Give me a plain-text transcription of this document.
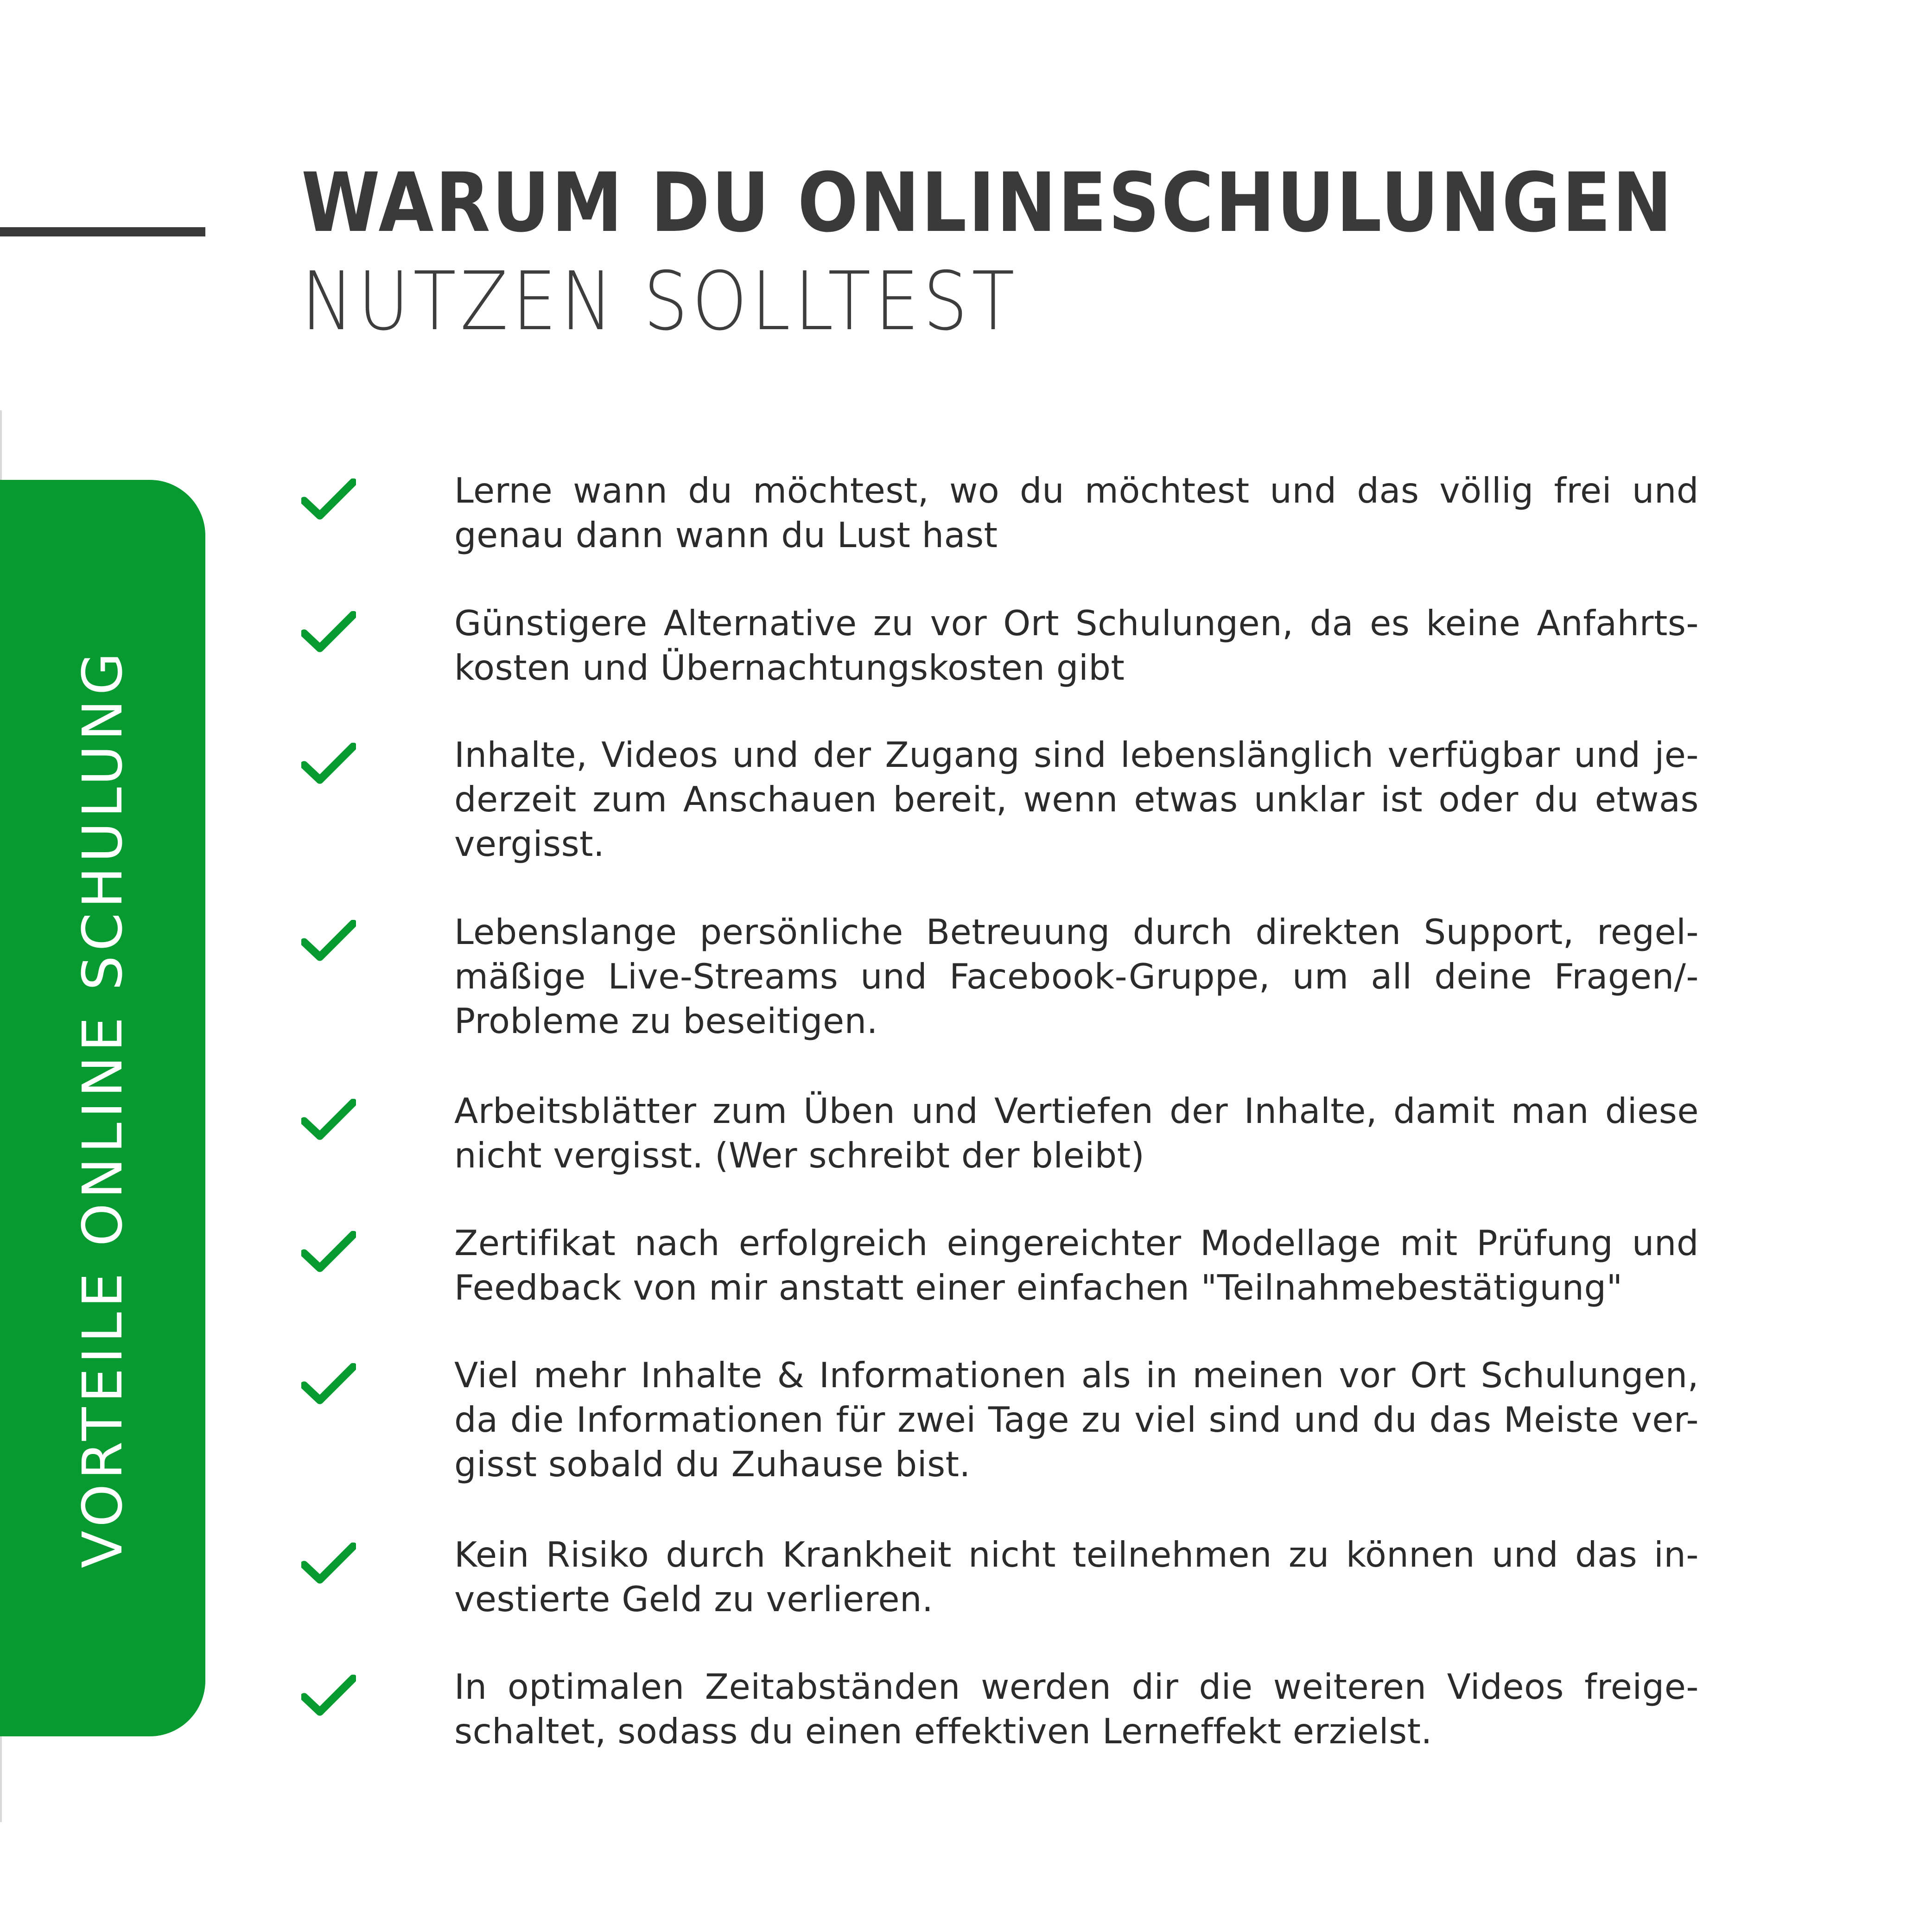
VORTEILE ONLINE SCHULUNG
WARUM DU ONLINESCHULUNGEN
NUTZEN SOLLTEST

Lerne wann du möchtest, wo du möchtest und das völlig frei und genau dann wann du Lust hast

Günstigere Alternative zu vor Ort Schulungen, da es keine Anfahrts-kosten und Übernachtungskosten gibt

Inhalte, Videos und der Zugang sind lebenslänglich verfügbar und je-derzeit zum Anschauen bereit, wenn etwas unklar ist oder du etwas vergisst.

Lebenslange persönliche Betreuung durch direkten Support, regel-mäßige Live-Streams und Facebook-Gruppe, um all deine Fragen/-Probleme zu beseitigen.

Arbeitsblätter zum Üben und Vertiefen der Inhalte, damit man diese nicht vergisst. (Wer schreibt der bleibt)

Zertifikat nach erfolgreich eingereichter Modellage mit Prüfung und Feedback von mir anstatt einer einfachen "Teilnahmebestätigung"

Viel mehr Inhalte & Informationen als in meinen vor Ort Schulungen, da die Informationen für zwei Tage zu viel sind und du das Meiste ver-gisst sobald du Zuhause bist.

Kein Risiko durch Krankheit nicht teilnehmen zu können und das in-vestierte Geld zu verlieren.

In optimalen Zeitabständen werden dir die weiteren Videos freige-schaltet, sodass du einen effektiven Lerneffekt erzielst.
